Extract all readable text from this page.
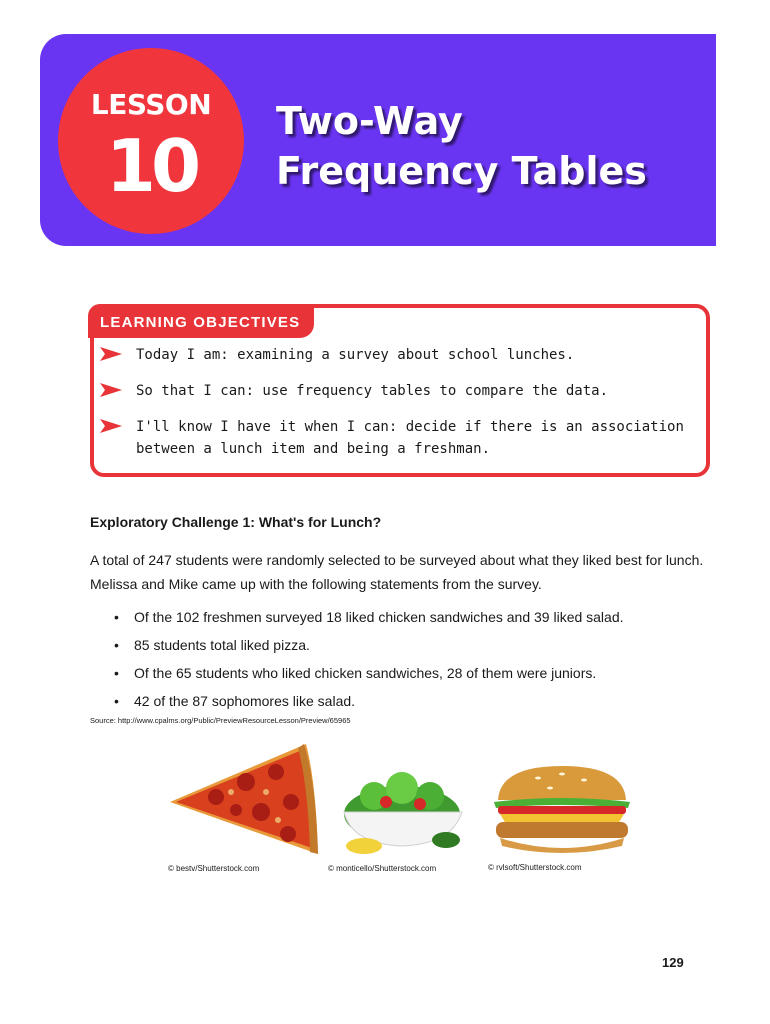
LESSON
10
Two-Way
Frequency Tables
LEARNING OBJECTIVES
Today I am: examining a survey about school lunches.
So that I can: use frequency tables to compare the data.
I'll know I have it when I can: decide if there is an association between a lunch item and being a freshman.
Exploratory Challenge 1: What's for Lunch?
A total of 247 students were randomly selected to be surveyed about what they liked best for lunch. Melissa and Mike came up with the following statements from the survey.
• Of the 102 freshmen surveyed 18 liked chicken sandwiches and 39 liked salad.
• 85 students total liked pizza.
• Of the 65 students who liked chicken sandwiches, 28 of them were juniors.
• 42 of the 87 sophomores like salad.
Source: http://www.cpalms.org/Public/PreviewResourceLesson/Preview/65965
© bestv/Shutterstock.com	© monticello/Shutterstock.com	© rvlsoft/Shutterstock.com
129
